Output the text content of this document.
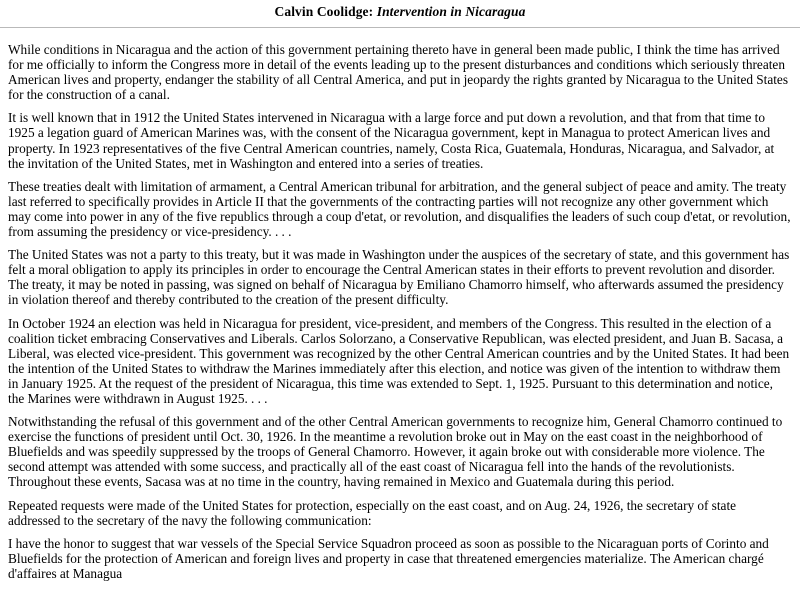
Calvin Coolidge: Intervention in Nicaragua

While conditions in Nicaragua and the action of this government pertaining thereto have in general been made public, I think the time has arrived for me officially to inform the Congress more in detail of the events leading up to the present disturbances and conditions which seriously threaten American lives and property, endanger the stability of all Central America, and put in jeopardy the rights granted by Nicaragua to the United States for the construction of a canal.

It is well known that in 1912 the United States intervened in Nicaragua with a large force and put down a revolution, and that from that time to 1925 a legation guard of American Marines was, with the consent of the Nicaragua government, kept in Managua to protect American lives and property. In 1923 representatives of the five Central American countries, namely, Costa Rica, Guatemala, Honduras, Nicaragua, and Salvador, at the invitation of the United States, met in Washington and entered into a series of treaties.

These treaties dealt with limitation of armament, a Central American tribunal for arbitration, and the general subject of peace and amity. The treaty last referred to specifically provides in Article II that the governments of the contracting parties will not recognize any other government which may come into power in any of the five republics through a coup d'etat, or revolution, and disqualifies the leaders of such coup d'etat, or revolution, from assuming the presidency or vice-presidency. . . .

The United States was not a party to this treaty, but it was made in Washington under the auspices of the secretary of state, and this government has felt a moral obligation to apply its principles in order to encourage the Central American states in their efforts to prevent revolution and disorder. The treaty, it may be noted in passing, was signed on behalf of Nicaragua by Emiliano Chamorro himself, who afterwards assumed the presidency in violation thereof and thereby contributed to the creation of the present difficulty.

In October 1924 an election was held in Nicaragua for president, vice-president, and members of the Congress. This resulted in the election of a coalition ticket embracing Conservatives and Liberals. Carlos Solorzano, a Conservative Republican, was elected president, and Juan B. Sacasa, a Liberal, was elected vice-president. This government was recognized by the other Central American countries and by the United States. It had been the intention of the United States to withdraw the Marines immediately after this election, and notice was given of the intention to withdraw them in January 1925. At the request of the president of Nicaragua, this time was extended to Sept. 1, 1925. Pursuant to this determination and notice, the Marines were withdrawn in August 1925. . . .

Notwithstanding the refusal of this government and of the other Central American governments to recognize him, General Chamorro continued to exercise the functions of president until Oct. 30, 1926. In the meantime a revolution broke out in May on the east coast in the neighborhood of Bluefields and was speedily suppressed by the troops of General Chamorro. However, it again broke out with considerable more violence. The second attempt was attended with some success, and practically all of the east coast of Nicaragua fell into the hands of the revolutionists. Throughout these events, Sacasa was at no time in the country, having remained in Mexico and Guatemala during this period.

Repeated requests were made of the United States for protection, especially on the east coast, and on Aug. 24, 1926, the secretary of state addressed to the secretary of the navy the following communication:

I have the honor to suggest that war vessels of the Special Service Squadron proceed as soon as possible to the Nicaraguan ports of Corinto and Bluefields for the protection of American and foreign lives and property in case that threatened emergencies materialize. The American chargé d'affaires at Managua
